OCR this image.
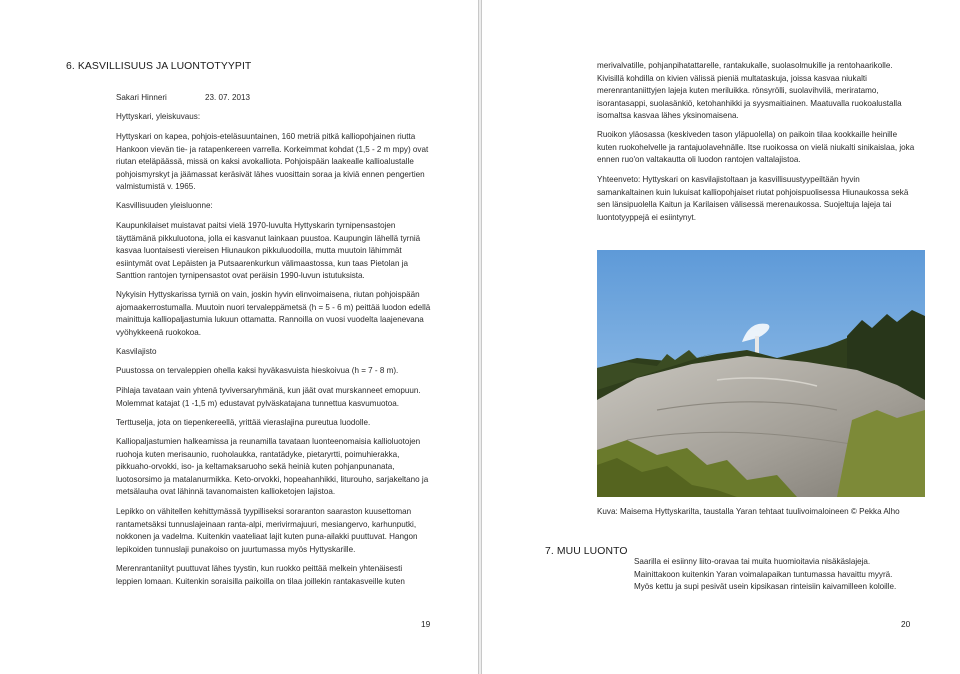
6. KASVILLISUUS JA LUONTOTYYPIT
Sakari Hinneri	23. 07. 2013
Hyttyskari, yleiskuvaus:
Hyttyskari on kapea, pohjois-eteläsuuntainen, 160 metriä pitkä kalliopohjainen riutta
Hankoon vievän tie- ja ratapenkereen varrella. Korkeimmat kohdat (1,5 - 2 m mpy) ovat
riutan eteläpäässä, missä on kaksi avokalliota. Pohjoispään laakealle kallioalustalle
pohjoismyrskyt ja jäämassat keräsivät lähes vuosittain soraa ja kiviä ennen pengertien
valmistumistä v. 1965.
Kasvillisuuden yleisluonne:
Kaupunkilaiset muistavat paitsi vielä 1970-luvulta Hyttyskarin tyrnipensastojen
täyttämänä pikkuluotona, jolla ei kasvanut lainkaan puustoa. Kaupungin lähellä tyrniä
kasvaa luontaisesti viereisen Hiunaukon pikkuluodoilla, mutta muutoin lähimmät
esiintymät ovat Lepäisten ja Putsaarenkurkun välimaastossa, kun taas Pietolan ja
Santtion rantojen tyrnipensastot ovat peräisin 1990-luvun istutuksista.
Nykyisin Hyttyskarissa tyrniä on vain, joskin hyvin elinvoimaisena, riutan pohjoispään
ajomaakerrostumalla. Muutoin nuori tervaleppämetsä (h = 5 - 6 m) peittää luodon edellä
mainittuja kalliopaljastumia lukuun ottamatta. Rannoilla on vuosi vuodelta laajenevana
vyöhykkeenä ruokokoa.
Kasvilajisto
Puustossa on tervaleppien ohella kaksi hyväkasvuista hieskoivua (h = 7 - 8 m).
Pihlaja tavataan vain yhtenä tyviversaryhmänä, kun jäät ovat murskanneet emopuun.
Molemmat katajat (1 -1,5 m) edustavat pylväskatajana tunnettua kasvumuotoa.
Terttuselja, jota on tiepenkereellä, yrittää vieraslajina pureutua luodolle.
Kalliopaljastumien halkeamissa ja reunamilla tavataan luonteenomaisia kallioluotojen
ruohoja kuten merisaunio, ruoholaukka, rantatädyke, pietaryrtti, poimuhierakka,
pikkuaho-orvokki, iso- ja keltamaksaruoho sekä heinià kuten pohjanpunanata,
luotosorsimo ja matalanurmikka. Keto-orvokki, hopeahanhikki, liturouho, sarjakeltano ja
metsälauha ovat lähinnä tavanomaisten kallioketojen lajistoa.
Lepikko on vähitellen kehittymässä tyypilliseksi soraranton saaraston kuusettoman
rantametsäksi tunnuslajeinaan ranta-alpi, merivirmajuuri, mesiangervo, karhunputki,
nokkonen ja vadelma. Kuitenkin vaateliaat lajit kuten puna-ailakki puuttuvat. Hangon
lepikoiden tunnuslaji punakoiso on juurtumassa myös Hyttyskarille.
Merenrantaniityt puuttuvat lähes tyystin, kun ruokko peittää melkein yhtenäisesti
leppien lomaan. Kuitenkin soraisilla paikoilla on tilaa joillekin rantakasveille kuten
19
merivalvatille, pohjanpihatattarelle, rantakukalle, suolasolmukille ja rentohaarikolle.
Kivisillä kohdilla on kivien välissä pieniä multataskuja, joissa kasvaa niukalti
merenrantaniittyjen lajeja kuten meriluikka. rönsyrölli, suolavihvilä, meriratamo,
isorantasappi, suolasänkiö, ketohanhikki ja syysmaitiainen. Maatuvalla ruokoalustalla
isomaltsa kasvaa lähes yksinomaisena.
Ruoikon yläosassa (keskiveden tason yläpuolella) on paikoin tilaa kookkaille heinille
kuten ruokohelvelle ja rantajuolavehnälle. Itse ruoikossa on vielä niukalti sinikaislaa, joka
ennen ruo'on valtakautta oli luodon rantojen valtalajistoa.
Yhteenveto: Hyttyskari on kasvilajistoltaan ja kasvillisuustyypeiltään hyvin
samankaltainen kuin lukuisat kalliopohjaiset riutat pohjoispuolisessa Hiunaukossa sekä
sen länsipuolella Kaitun ja Karilaisen välisessä merenaukossa. Suojeltuja lajeja tai
luontotyyppejä ei esiintynyt.
Kuva: Maisema Hyttyskarilta, taustalla Yaran tehtaat tuulivoimaloineen © Pekka Alho
7. MUU LUONTO
Saarilla ei esiinny liito-oravaa tai muita huomioitavia nisäkäslajeja.
Mainittakoon kuitenkin Yaran voimalapaikan tuntumassa havaittu myyrä.
Myös kettu ja supi pesivät usein kipsikasan rinteisiin kaivamilleen koloille.
20
